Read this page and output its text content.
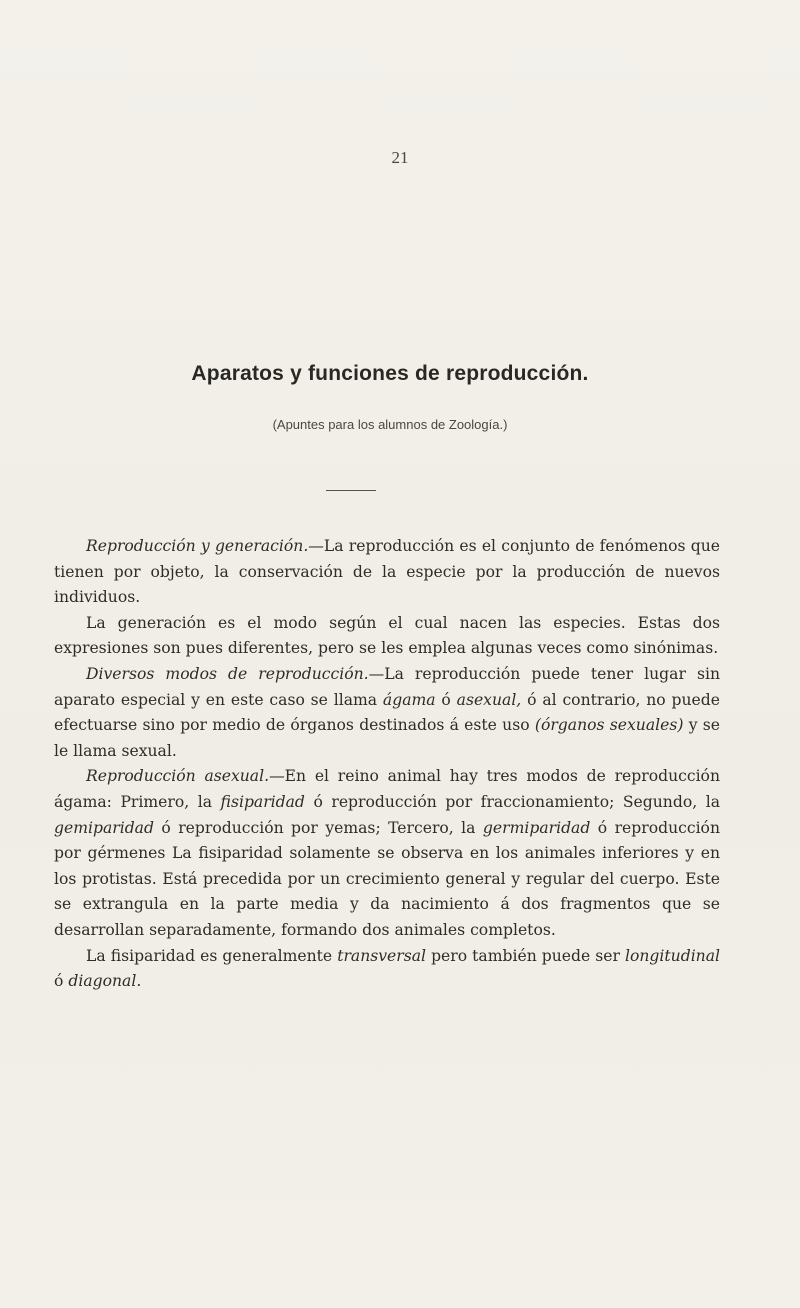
21
Aparatos y funciones de reproducción.
(Apuntes para los alumnos de Zoología.)

Reproducción y generación.—La reproducción es el conjunto de fenómenos que tienen por objeto, la conservación de la especie por la producción de nuevos individuos.

La generación es el modo según el cual nacen las especies. Estas dos expresiones son pues diferentes, pero se les emplea algunas veces como sinónimas.

Diversos modos de reproducción.—La reproducción puede tener lugar sin aparato especial y en este caso se llama ágama ó asexual, ó al contrario, no puede efectuarse sino por medio de órganos destinados á este uso (órganos sexuales) y se le llama sexual.

Reproducción asexual.—En el reino animal hay tres modos de reproducción ágama: Primero, la fisiparidad ó reproducción por fraccionamiento; Segundo, la gemiparidad ó reproducción por yemas; Tercero, la germiparidad ó reproducción por gérmenes La fisiparidad solamente se observa en los animales inferiores y en los protistas. Está precedida por un crecimiento general y regular del cuerpo. Este se extrangula en la parte media y da nacimiento á dos fragmentos que se desarrollan separadamente, formando dos animales completos.

La fisiparidad es generalmente transversal pero también puede ser longitudinal ó diagonal.
